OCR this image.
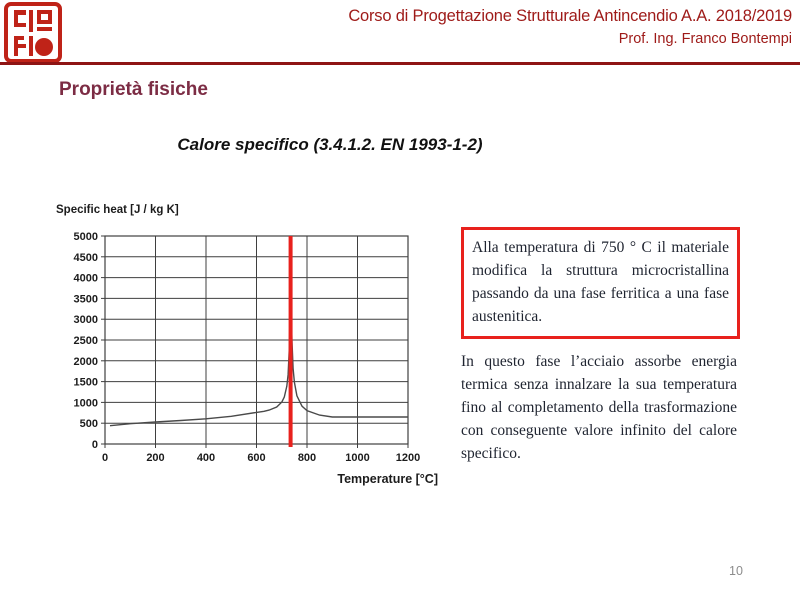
Corso di Progettazione Strutturale Antincendio A.A. 2018/2019
Prof. Ing. Franco Bontempi
Proprietà fisiche
Calore specifico (3.4.1.2. EN 1993-1-2)
0
500
1000
1500
2000
2500
3000
3500
4000
4500
5000
0	200	400	600	800	1000 1200
Specific heat [J / kg K]
Temperature [°C]

Alla temperatura di 750 ° C il materiale modifica la struttura microcristallina passando da una fase ferritica a una fase austenitica.

In questo fase l’acciaio assorbe energia termica senza innalzare la sua temperatura fino al completamento della trasformazione con conseguente valore infinito del calore specifico.

10
